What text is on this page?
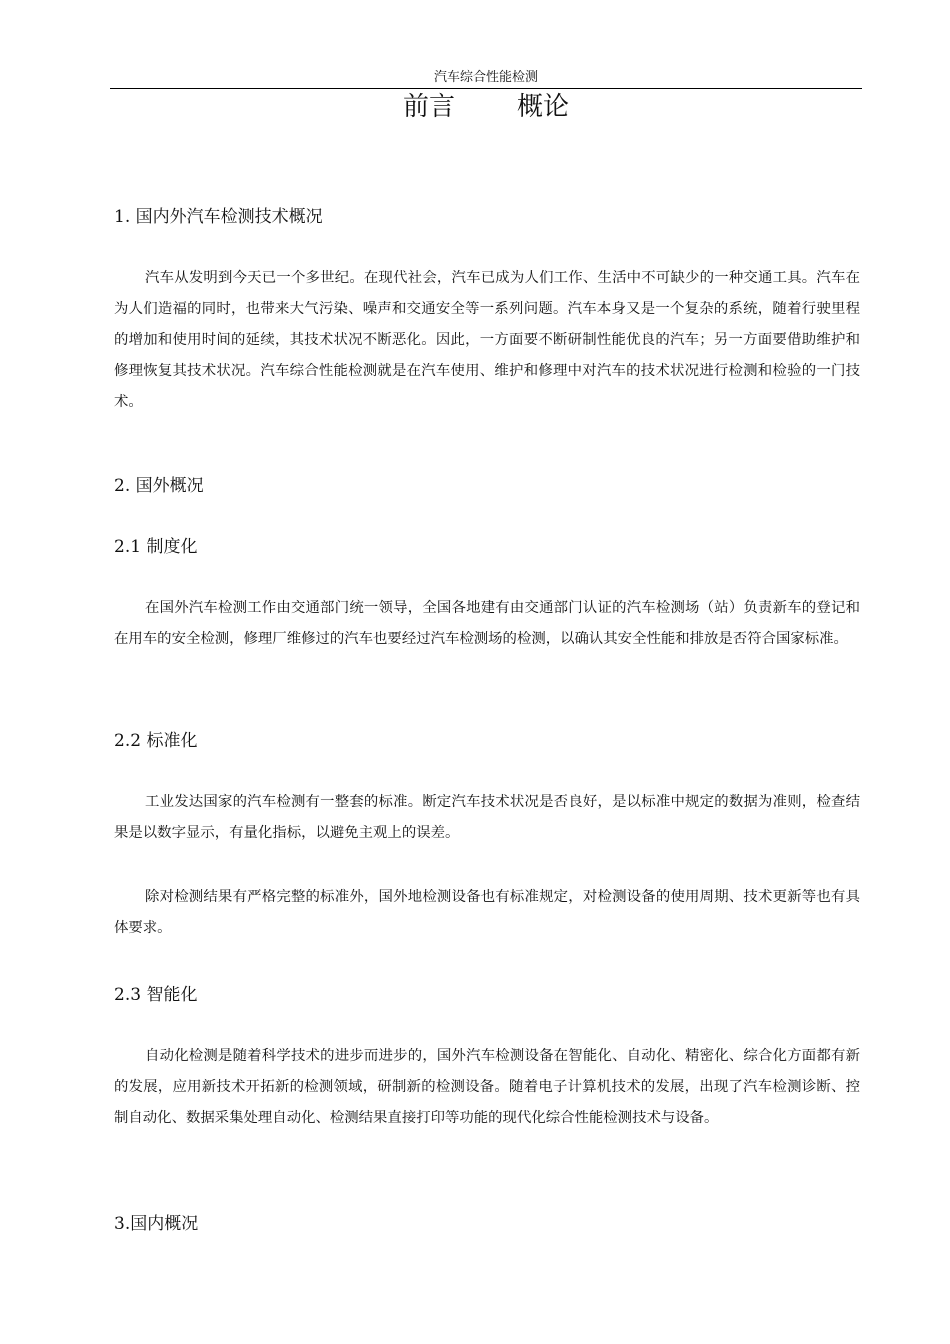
汽车综合性能检测
前言 概论
1. 国内外汽车检测技术概况
汽车从发明到今天已一个多世纪。在现代社会，汽车已成为人们工作、生活中不可缺少的一种交通工具。汽车在为人们造福的同时，也带来大气污染、噪声和交通安全等一系列问题。汽车本身又是一个复杂的系统，随着行驶里程的增加和使用时间的延续，其技术状况不断恶化。因此，一方面要不断研制性能优良的汽车；另一方面要借助维护和修理恢复其技术状况。汽车综合性能检测就是在汽车使用、维护和修理中对汽车的技术状况进行检测和检验的一门技术。
2. 国外概况
2.1 制度化
在国外汽车检测工作由交通部门统一领导，全国各地建有由交通部门认证的汽车检测场（站）负责新车的登记和在用车的安全检测，修理厂维修过的汽车也要经过汽车检测场的检测，以确认其安全性能和排放是否符合国家标准。
2.2 标准化
工业发达国家的汽车检测有一整套的标准。断定汽车技术状况是否良好，是以标准中规定的数据为准则，检查结果是以数字显示，有量化指标，以避免主观上的误差。
除对检测结果有严格完整的标准外，国外地检测设备也有标准规定，对检测设备的使用周期、技术更新等也有具体要求。
2.3 智能化
自动化检测是随着科学技术的进步而进步的，国外汽车检测设备在智能化、自动化、精密化、综合化方面都有新的发展，应用新技术开拓新的检测领域，研制新的检测设备。随着电子计算机技术的发展，出现了汽车检测诊断、控制自动化、数据采集处理自动化、检测结果直接打印等功能的现代化综合性能检测技术与设备。
3.国内概况
